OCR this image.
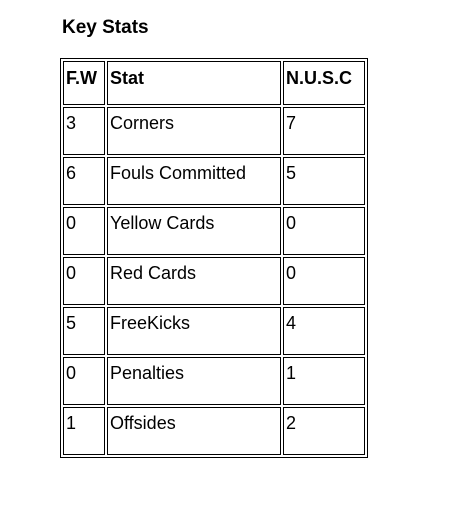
Key Stats
F.W	Stat	N.U.S.C
3	Corners	7
6	Fouls Committed	5
0	Yellow Cards	0
0	Red Cards	0
5	FreeKicks	4
0	Penalties	1
1	Offsides	2
